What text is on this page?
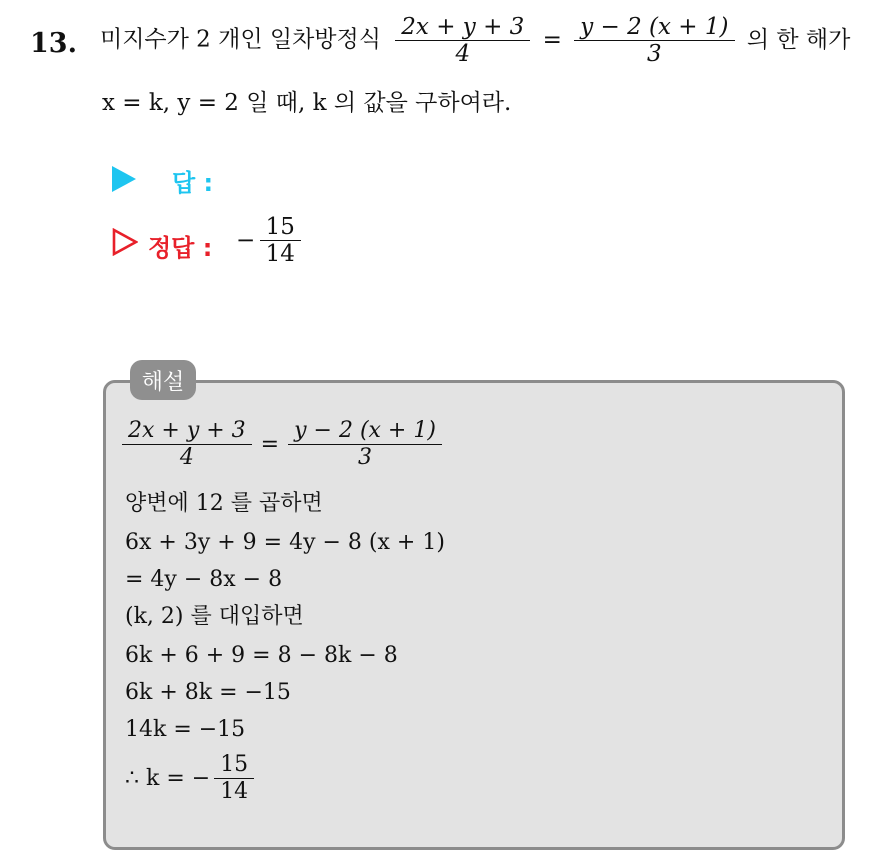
13. 미지수가 2 개인 일차방정식 $\frac{2x + y + 3}{4} = \frac{y - 2 (x + 1)}{3}$ 의 한 해가
x = k, y = 2 일 때, k 의 값을 구하여라.
답 :
정답 : − $\frac{15}{14}$
해설
$\frac{2x + y + 3}{4} = \frac{y - 2 (x + 1)}{3}$
양변에 12 를 곱하면
6x + 3y + 9 = 4y − 8 (x + 1)
= 4y − 8x − 8
(k, 2) 를 대입하면
6k + 6 + 9 = 8 − 8k − 8
6k + 8k = −15
14k = −15
∴ k = − $\frac{15}{14}$
